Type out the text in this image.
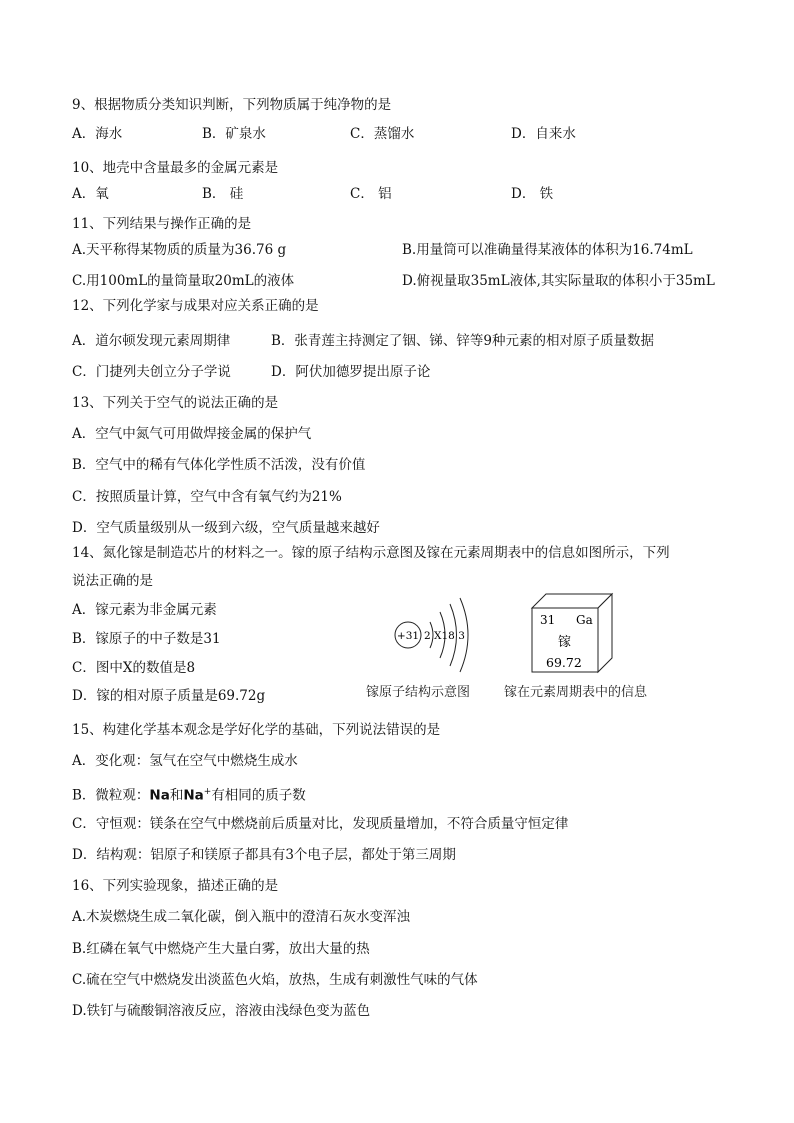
9、根据物质分类知识判断，下列物质属于纯净物的是
A．海水	B．矿泉水	C．蒸馏水	D．自来水
10、地壳中含量最多的金属元素是
A．氧	B． 硅	C． 铝	D． 铁
11、下列结果与操作正确的是
A.天平称得某物质的质量为36.76 g	B.用量筒可以准确量得某液体的体积为16.74mL
C.用100mL的量筒量取20mL的液体	D.俯视量取35mL液体,其实际量取的体积小于35mL
12、下列化学家与成果对应关系正确的是
A．道尔顿发现元素周期律	B．张青莲主持测定了铟、锑、锌等9种元素的相对原子质量数据
C．门捷列夫创立分子学说	D．阿伏加德罗提出原子论
13、下列关于空气的说法正确的是
A．空气中氮气可用做焊接金属的保护气
B．空气中的稀有气体化学性质不活泼，没有价值
C．按照质量计算，空气中含有氧气约为21%
D．空气质量级别从一级到六级，空气质量越来越好
14、氮化镓是制造芯片的材料之一。镓的原子结构示意图及镓在元素周期表中的信息如图所示，下列
说法正确的是
A．镓元素为非金属元素
B．镓原子的中子数是31
C．图中X的数值是8
D．镓的相对原子质量是69.72g
+31 2 X18 3
镓原子结构示意图
31 Ga
镓
69.72
镓在元素周期表中的信息
15、构建化学基本观念是学好化学的基础，下列说法错误的是
A．变化观：氢气在空气中燃烧生成水
B．微粒观：Na和Na+有相同的质子数
C．守恒观：镁条在空气中燃烧前后质量对比，发现质量增加，不符合质量守恒定律
D．结构观：铝原子和镁原子都具有3个电子层，都处于第三周期
16、下列实验现象，描述正确的是
A.木炭燃烧生成二氧化碳，倒入瓶中的澄清石灰水变浑浊
B.红磷在氧气中燃烧产生大量白雾，放出大量的热
C.硫在空气中燃烧发出淡蓝色火焰，放热，生成有刺激性气味的气体
D.铁钉与硫酸铜溶液反应，溶液由浅绿色变为蓝色
